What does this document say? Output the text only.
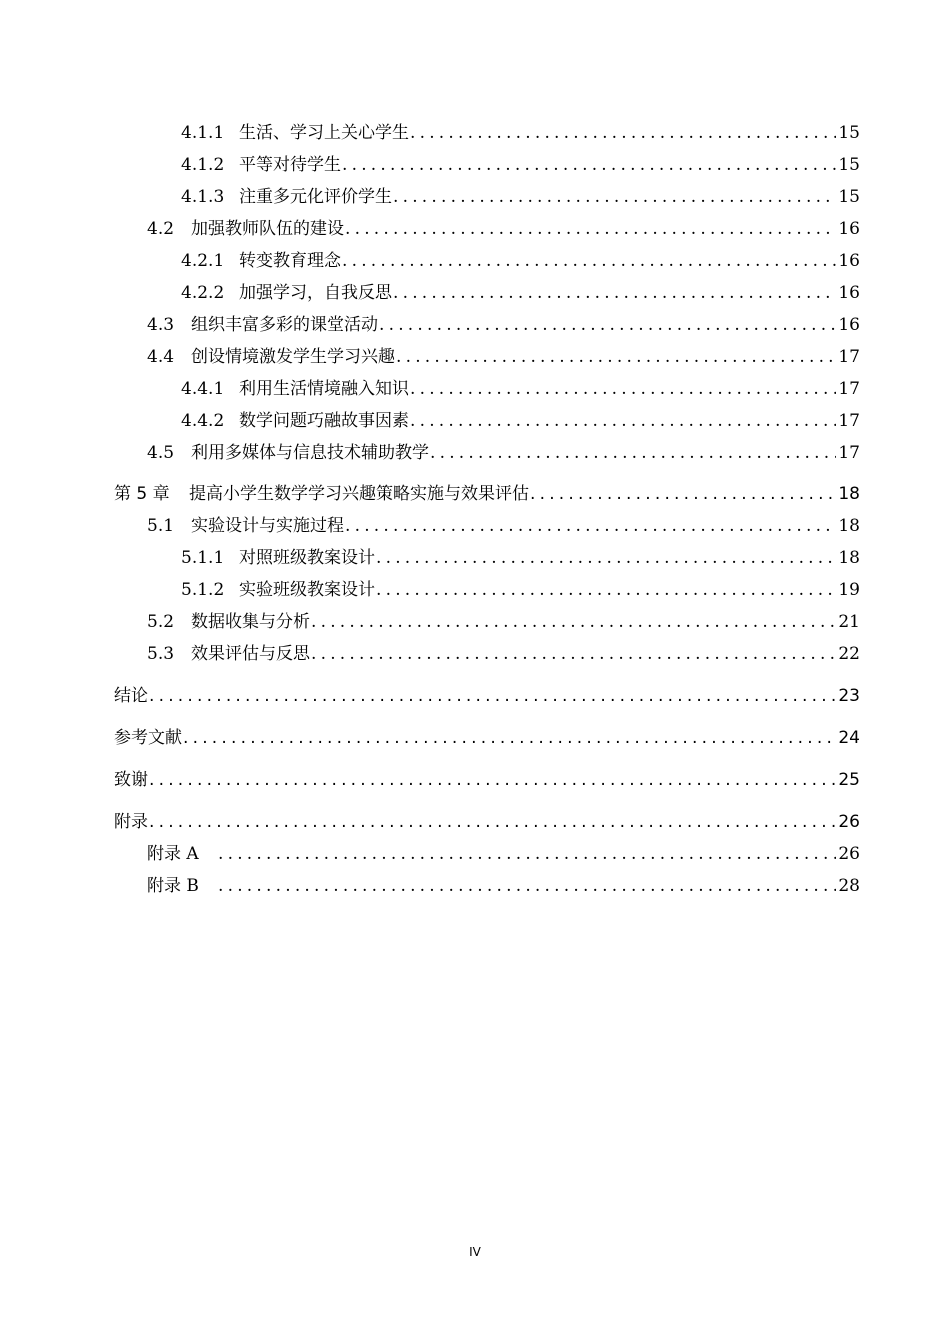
4.1.1 生活、学习上关心学生 .....	15
4.1.2 平等对待学生 .....	15
4.1.3 注重多元化评价学生 .....	15
4.2 加强教师队伍的建设 .....	16
4.2.1 转变教育理念 .....	16
4.2.2 加强学习，自我反思 .....	16
4.3 组织丰富多彩的课堂活动 .....	16
4.4 创设情境激发学生学习兴趣 .....	17
4.4.1 利用生活情境融入知识 .....	17
4.4.2 数学问题巧融故事因素 .....	17
4.5 利用多媒体与信息技术辅助教学 .....	17
第 5 章	提高小学生数学学习兴趣策略实施与效果评估 .....	18
5.1 实验设计与实施过程 .....	18
5.1.1 对照班级教案设计 .....	18
5.1.2 实验班级教案设计 .....	19
5.2 数据收集与分析 .....	21
5.3 效果评估与反思 .....	22
结论 .....	23
参考文献 .....	24
致谢 .....	25
附录 .....	26
附录 A .....	26
附录 B .....	28
IV
